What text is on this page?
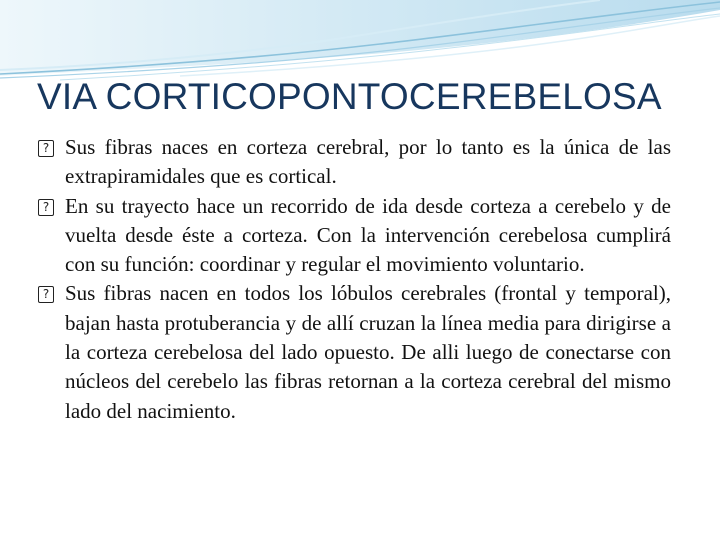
VIA CORTICOPONTOCEREBELOSA
?
Sus fibras naces en corteza cerebral, por lo tanto es la única de las extrapiramidales que es cortical.
?
En su trayecto hace un recorrido de ida desde corteza a cerebelo y de vuelta desde éste a corteza. Con la intervención cerebelosa cumplirá con su función: coordinar y regular el movimiento voluntario.
?
Sus fibras nacen en todos los lóbulos cerebrales (frontal y temporal), bajan hasta protuberancia y de allí cruzan la línea media para dirigirse a la corteza cerebelosa del lado opuesto. De alli luego de conectarse con núcleos del cerebelo las fibras retornan a la corteza cerebral del mismo lado del nacimiento.
